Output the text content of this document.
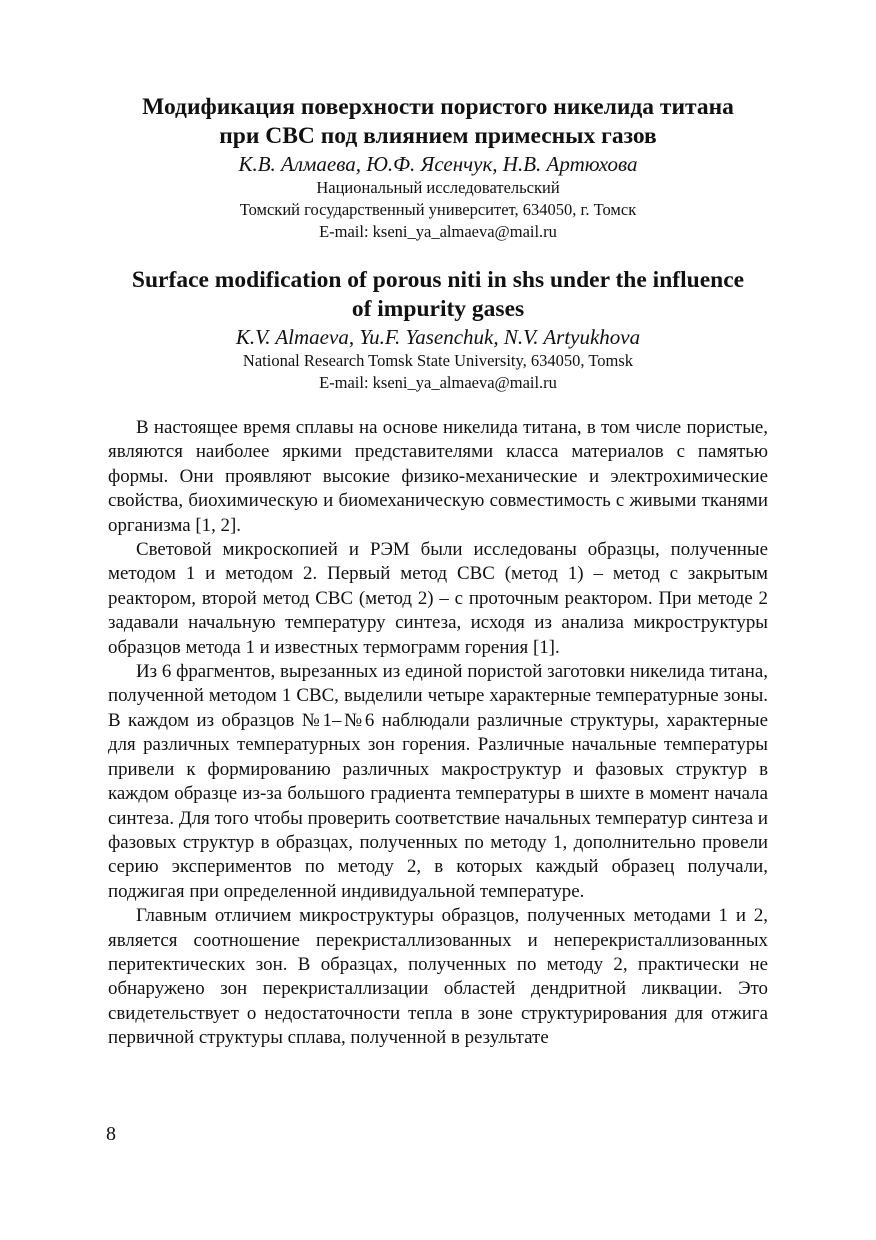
Модификация поверхности пористого никелида титана
при СВС под влиянием примесных газов
К.В. Алмаева, Ю.Ф. Ясенчук, Н.В. Артюхова
Национальный исследовательский
Томский государственный университет, 634050, г. Томск
E-mail: kseni_ya_almaeva@mail.ru
Surface modification of porous niti in shs under the influence
of impurity gases
K.V. Almaeva, Yu.F. Yasenchuk, N.V. Artyukhova
National Research Tomsk State University, 634050, Tomsk
E-mail: kseni_ya_almaeva@mail.ru

В настоящее время сплавы на основе никелида титана, в том числе пористые, являются наиболее яркими представителями класса материалов с памятью формы. Они проявляют высокие физико-механические и электрохимические свойства, биохимическую и биомеханическую совместимость с живыми тканями организма [1, 2].

Световой микроскопией и РЭМ были исследованы образцы, полученные методом 1 и методом 2. Первый метод СВС (метод 1) – метод с закрытым реактором, второй метод СВС (метод 2) – с проточным реактором. При методе 2 задавали начальную температуру синтеза, исходя из анализа микроструктуры образцов метода 1 и известных термограмм горения [1].

Из 6 фрагментов, вырезанных из единой пористой заготовки никелида титана, полученной методом 1 СВС, выделили четыре характерные температурные зоны. В каждом из образцов №1–№6 наблюдали различные структуры, характерные для различных температурных зон горения. Различные начальные температуры привели к формированию различных макроструктур и фазовых структур в каждом образце из-за большого градиента температуры в шихте в момент начала синтеза. Для того чтобы проверить соответствие начальных температур синтеза и фазовых структур в образцах, полученных по методу 1, дополнительно провели серию экспериментов по методу 2, в которых каждый образец получали, поджигая при определенной индивидуальной температуре.

Главным отличием микроструктуры образцов, полученных методами 1 и 2, является соотношение перекристаллизованных и неперекристаллизованных перитектических зон. В образцах, полученных по методу 2, практически не обнаружено зон перекристаллизации областей дендритной ликвации. Это свидетельствует о недостаточности тепла в зоне структурирования для отжига первичной структуры сплава, полученной в результате

8
